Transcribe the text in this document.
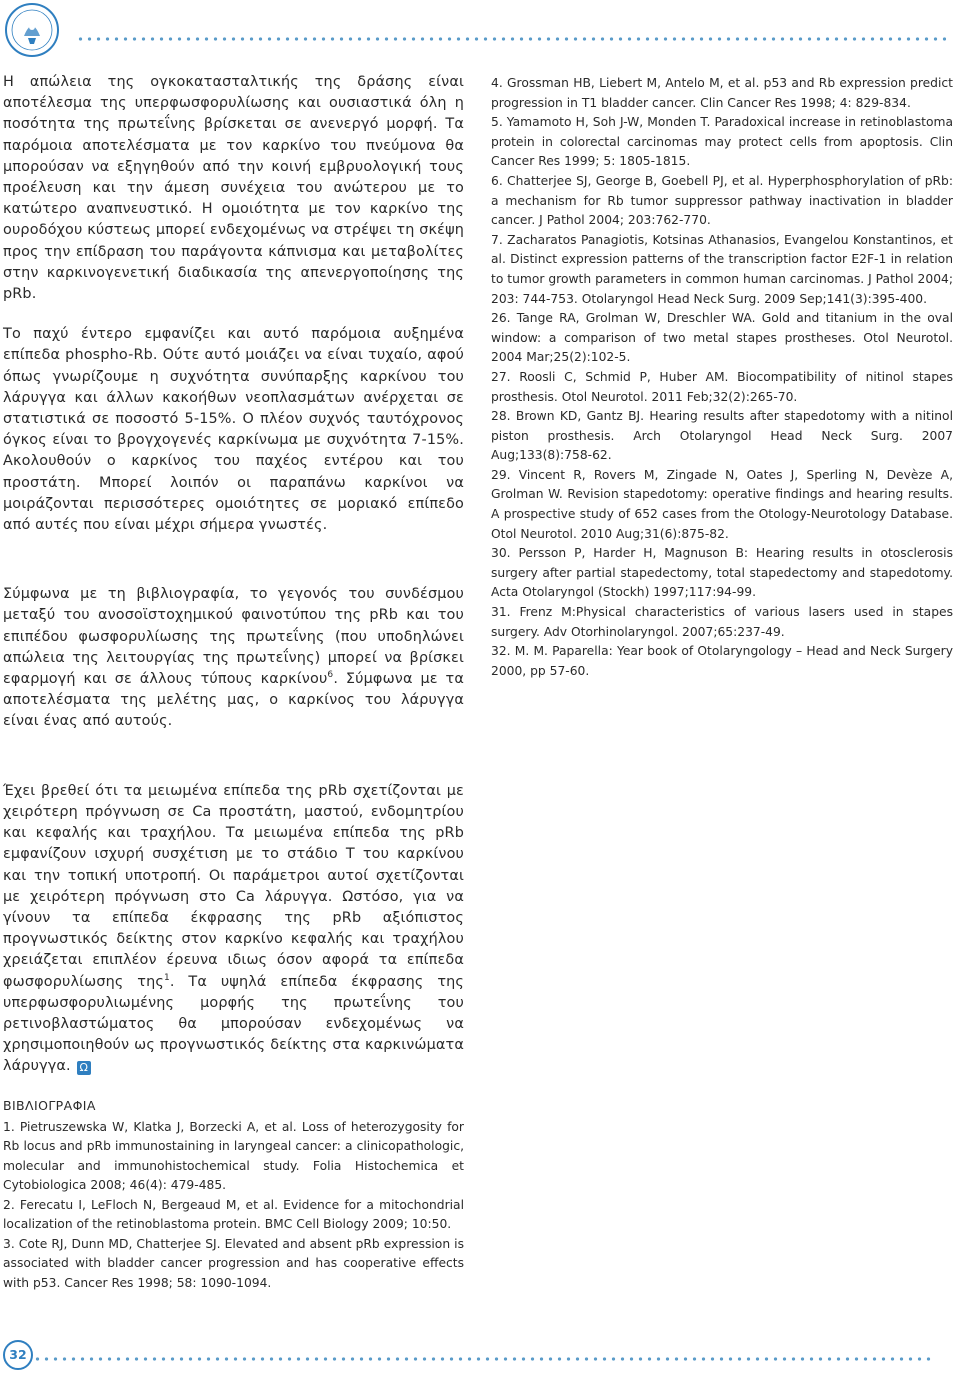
Η απώλεια της ογκοκατασταλτικής της δράσης είναι αποτέλεσμα της υπερφωσφορυλίωσης και ουσιαστικά όλη η ποσότητα της πρωτεΐνης βρίσκεται σε ανενεργό μορφή. Τα παρόμοια αποτελέσματα με τον καρκίνο του πνεύμονα θα μπορούσαν να εξηγηθούν από την κοινή εμβρυολογική τους προέλευση και την άμεση συνέχεια του ανώτερου με το κατώτερο αναπνευστικό. Η ομοιότητα με τον καρκίνο της ουροδόχου κύστεως μπορεί ενδεχομένως να στρέψει τη σκέψη προς την επίδραση του παράγοντα κάπνισμα και μεταβολίτες στην καρκινογενετική διαδικασία της απενεργοποίησης της pRb.

Το παχύ έντερο εμφανίζει και αυτό παρόμοια αυξημένα επίπεδα phospho-Rb. Ούτε αυτό μοιάζει να είναι τυχαίο, αφού όπως γνωρίζουμε η συχνότητα συνύπαρξης καρκίνου του λάρυγγα και άλλων κακοήθων νεοπλασμάτων ανέρχεται σε στατιστικά σε ποσοστό 5-15%. Ο πλέον συχνός ταυτόχρονος όγκος είναι το βρογχογενές καρκίνωμα με συχνότητα 7-15%. Ακολουθούν ο καρκίνος του παχέος εντέρου και του προστάτη. Μπορεί λοιπόν οι παραπάνω καρκίνοι να μοιράζονται περισσότερες ομοιότητες σε μοριακό επίπεδο από αυτές που είναι μέχρι σήμερα γνωστές.

Σύμφωνα με τη βιβλιογραφία, το γεγονός του συνδέσμου μεταξύ του ανοσοϊστοχημικού φαινοτύπου της pRb και του επιπέδου φωσφορυλίωσης της πρωτεΐνης (που υποδηλώνει απώλεια της λειτουργίας της πρωτεΐνης) μπορεί να βρίσκει εφαρμογή και σε άλλους τύπους καρκίνου$^6$. Σύμφωνα με τα αποτελέσματα της μελέτης μας, ο καρκίνος του λάρυγγα είναι ένας από αυτούς.

Έχει βρεθεί ότι τα μειωμένα επίπεδα της pRb σχετίζονται με χειρότερη πρόγνωση σε Ca προστάτη, μαστού, ενδομητρίου και κεφαλής και τραχήλου. Τα μειωμένα επίπεδα της pRb εμφανίζουν ισχυρή συσχέτιση με το στάδιο Τ του καρκίνου και την τοπική υποτροπή. Οι παράμετροι αυτοί σχετίζονται με χειρότερη πρόγνωση στο Ca λάρυγγα. Ωστόσο, για να γίνουν τα επίπεδα έκφρασης της pRb αξιόπιστος προγνωστικός δείκτης στον καρκίνο κεφαλής και τραχήλου χρειάζεται επιπλέον έρευνα ιδιως όσον αφορά τα επίπεδα φωσφορυλίωσης της$^1$. Τα υψηλά επίπεδα έκφρασης της υπερφωσφορυλιωμένης μορφής της πρωτεΐνης του ρετινοβλαστώματος θα μπορούσαν ενδεχομένως να χρησιμοποιηθούν ως προγνωστικός δείκτης στα καρκινώματα λάρυγγα. Ω

ΒΙΒΛΙΟΓΡΑΦΙΑ

1. Pietruszewska W, Klatka J, Borzecki A, et al. Loss of heterozygosity for Rb locus and pRb immunostaining in laryngeal cancer: a clinicopathologic, molecular and immunohistochemical study. Folia Histochemica et Cytobiologica 2008; 46(4): 479-485.

2. Ferecatu I, LeFloch N, Bergeaud M, et al. Evidence for a mitochondrial localization of the retinoblastoma protein. BMC Cell Biology 2009; 10:50.

3. Cote RJ, Dunn MD, Chatterjee SJ. Elevated and absent pRb expression is associated with bladder cancer progression and has cooperative effects with p53. Cancer Res 1998; 58: 1090-1094.

4. Grossman HB, Liebert M, Antelo M, et al. p53 and Rb expression predict progression in T1 bladder cancer. Clin Cancer Res 1998; 4: 829-834.

5. Yamamoto H, Soh J-W, Monden T. Paradoxical increase in retinoblastoma protein in colorectal carcinomas may protect cells from apoptosis. Clin Cancer Res 1999; 5: 1805-1815.

6. Chatterjee SJ, George B, Goebell PJ, et al. Hyperphosphorylation of pRb: a mechanism for Rb tumor suppressor pathway inactivation in bladder cancer. J Pathol 2004; 203:762-770.

7. Zacharatos Panagiotis, Kotsinas Athanasios, Evangelou Konstantinos, et al. Distinct expression patterns of the transcription factor E2F-1 in relation to tumor growth parameters in common human carcinomas. J Pathol 2004; 203: 744-753. Otolaryngol Head Neck Surg. 2009 Sep;141(3):395-400.

26. Tange RA, Grolman W, Dreschler WA. Gold and titanium in the oval window: a comparison of two metal stapes prostheses. Otol Neurotol. 2004 Mar;25(2):102-5.

27. Roosli C, Schmid P, Huber AM. Biocompatibility of nitinol stapes prosthesis. Otol Neurotol. 2011 Feb;32(2):265-70.

28. Brown KD, Gantz BJ. Hearing results after stapedotomy with a nitinol piston prosthesis. Arch Otolaryngol Head Neck Surg. 2007 Aug;133(8):758-62.

29. Vincent R, Rovers M, Zingade N, Oates J, Sperling N, Devèze A, Grolman W. Revision stapedotomy: operative findings and hearing results. A prospective study of 652 cases from the Otology-Neurotology Database. Otol Neurotol. 2010 Aug;31(6):875-82.

30. Persson P, Harder H, Magnuson B: Hearing results in otosclerosis surgery after partial stapedectomy, total stapedectomy and stapedotomy. Acta Otolaryngol (Stockh) 1997;117:94-99.

31. Frenz M:Physical characteristics of various lasers used in stapes surgery. Adv Otorhinolaryngol. 2007;65:237-49.

32. M. M. Paparella: Year book of Otolaryngology – Head and Neck Surgery 2000, pp 57-60.

32
